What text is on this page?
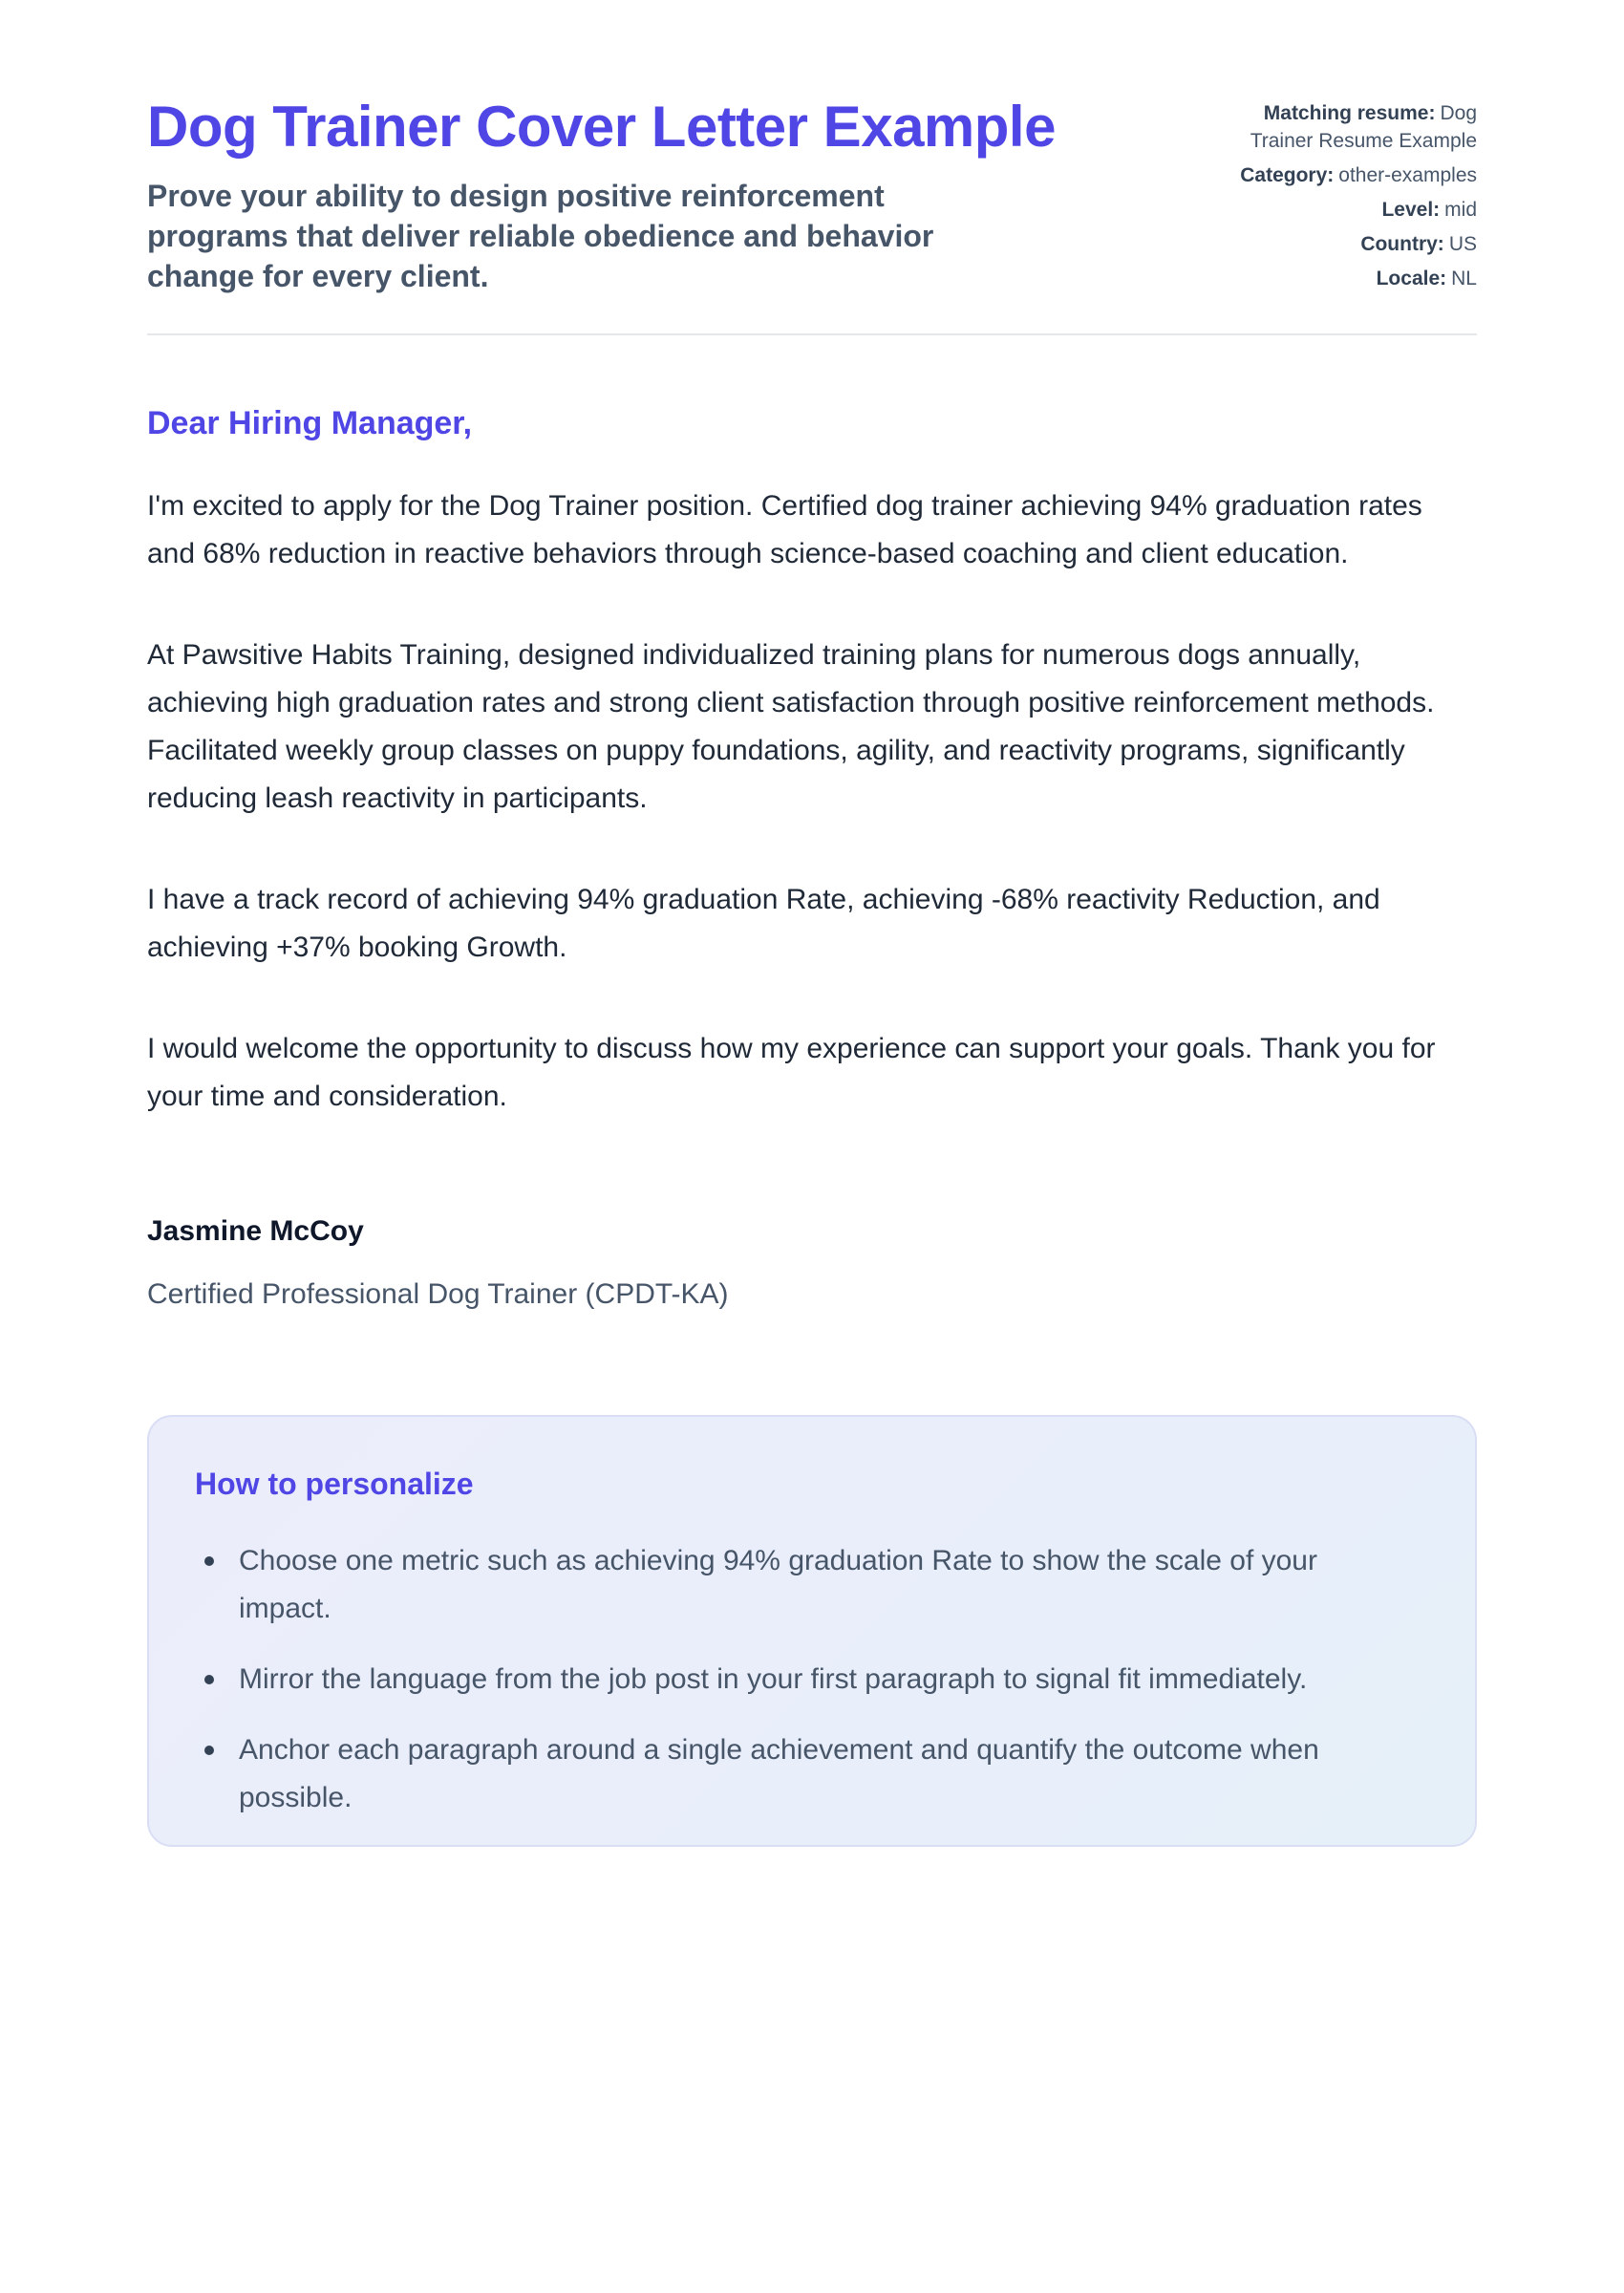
Dog Trainer Cover Letter Example
Prove your ability to design positive reinforcement programs that deliver reliable obedience and behavior change for every client.
Matching resume: Dog Trainer Resume Example
Category: other-examples
Level: mid
Country: US
Locale: NL
Dear Hiring Manager,

I'm excited to apply for the Dog Trainer position. Certified dog trainer achieving 94% graduation rates and 68% reduction in reactive behaviors through science-based coaching and client education.

At Pawsitive Habits Training, designed individualized training plans for numerous dogs annually, achieving high graduation rates and strong client satisfaction through positive reinforcement methods. Facilitated weekly group classes on puppy foundations, agility, and reactivity programs, significantly reducing leash reactivity in participants.

I have a track record of achieving 94% graduation Rate, achieving -68% reactivity Reduction, and achieving +37% booking Growth.

I would welcome the opportunity to discuss how my experience can support your goals. Thank you for your time and consideration.

Jasmine McCoy

Certified Professional Dog Trainer (CPDT-KA)

How to personalize
Choose one metric such as achieving 94% graduation Rate to show the scale of your impact.
Mirror the language from the job post in your first paragraph to signal fit immediately.
Anchor each paragraph around a single achievement and quantify the outcome when possible.
